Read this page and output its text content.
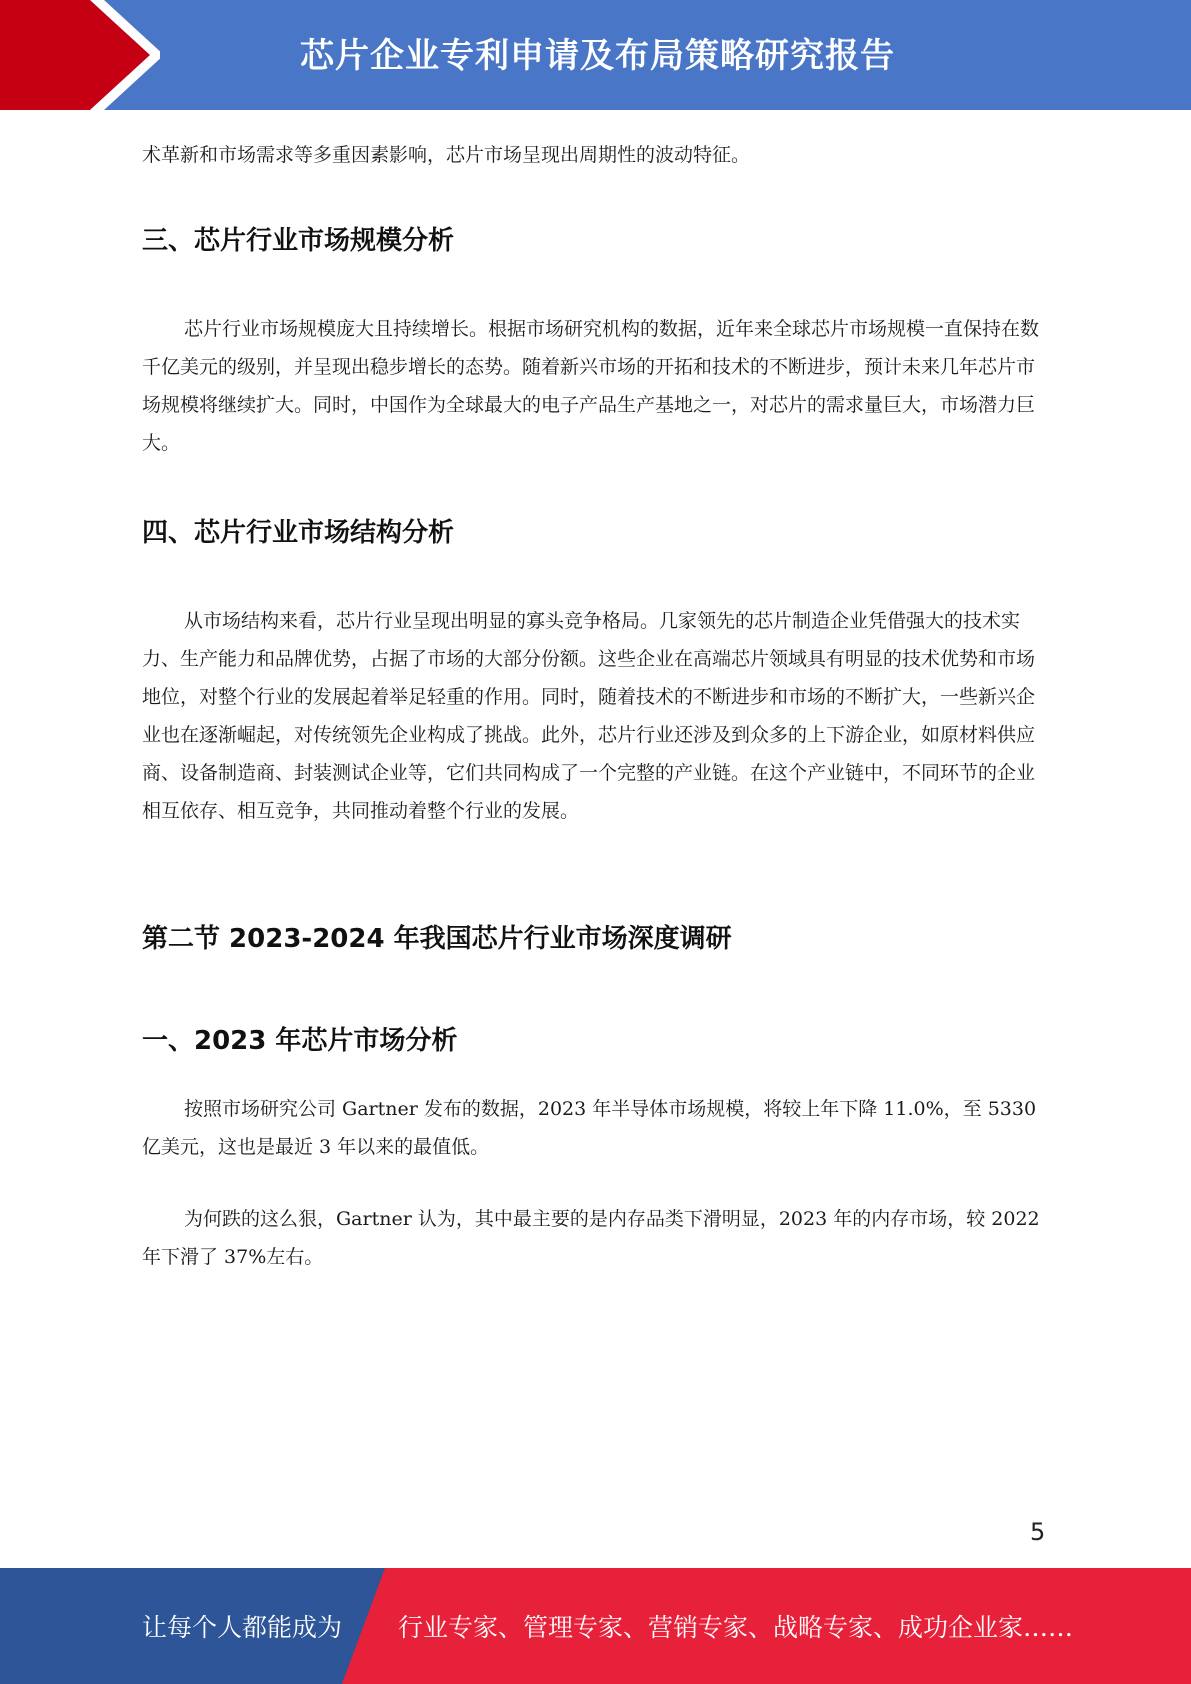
芯片企业专利申请及布局策略研究报告

术革新和市场需求等多重因素影响，芯片市场呈现出周期性的波动特征。

三、芯片行业市场规模分析

芯片行业市场规模庞大且持续增长。根据市场研究机构的数据，近年来全球芯片市场规模一直保持在数千亿美元的级别，并呈现出稳步增长的态势。随着新兴市场的开拓和技术的不断进步，预计未来几年芯片市场规模将继续扩大。同时，中国作为全球最大的电子产品生产基地之一，对芯片的需求量巨大，市场潜力巨大。

四、芯片行业市场结构分析

从市场结构来看，芯片行业呈现出明显的寡头竞争格局。几家领先的芯片制造企业凭借强大的技术实力、生产能力和品牌优势，占据了市场的大部分份额。这些企业在高端芯片领域具有明显的技术优势和市场地位，对整个行业的发展起着举足轻重的作用。同时，随着技术的不断进步和市场的不断扩大，一些新兴企业也在逐渐崛起，对传统领先企业构成了挑战。此外，芯片行业还涉及到众多的上下游企业，如原材料供应商、设备制造商、封装测试企业等，它们共同构成了一个完整的产业链。在这个产业链中，不同环节的企业相互依存、相互竞争，共同推动着整个行业的发展。

第二节 2023-2024 年我国芯片行业市场深度调研
一、2023 年芯片市场分析

按照市场研究公司 Gartner 发布的数据，2023 年半导体市场规模，将较上年下降 11.0%，至 5330 亿美元，这也是最近 3 年以来的最值低。

为何跌的这么狠，Gartner 认为，其中最主要的是内存品类下滑明显，2023 年的内存市场，较 2022 年下滑了 37%左右。

5
让每个人都能成为 行业专家、管理专家、营销专家、战略专家、成功企业家……
